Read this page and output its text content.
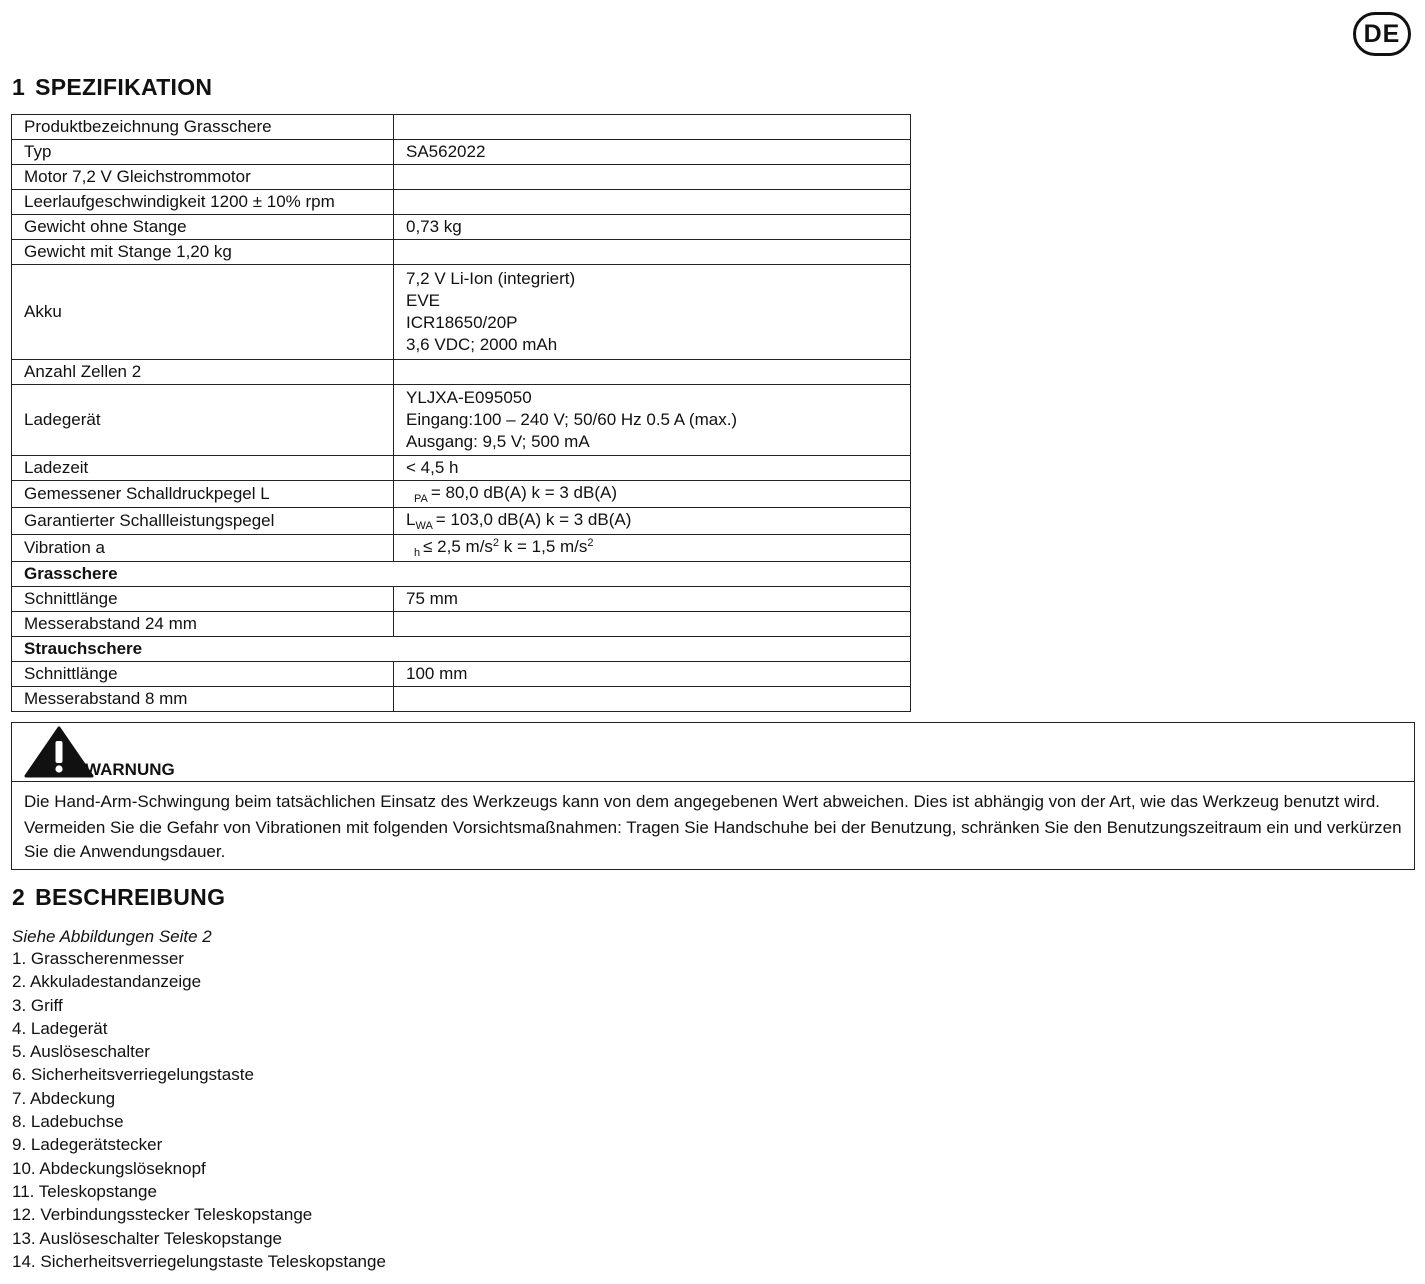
DE
1 SPEZIFIKATION
Produktbezeichnung Grasschere	
Typ	SA562022
Motor 7,2 V Gleichstrommotor	
Leerlaufgeschwindigkeit 1200 ± 10% rpm	
Gewicht ohne Stange	0,73 kg
Gewicht mit Stange 1,20 kg	
Akku	7,2 V Li-Ion (integriert)
EVE
ICR18650/20P
3,6 VDC; 2000 mAh

Anzahl Zellen 2	
Ladegerät	YLJXA-E095050
Eingang:100 – 240 V; 50/60 Hz 0.5 A (max.)
Ausgang: 9,5 V; 500 mA

Ladezeit	< 4,5 h
Gemessener Schalldruckpegel L	$_{PA}$ = 80,0 dB(A) k = 3 dB(A)
Garantierter Schallleistungspegel	$L_{WA} = 103,0$ dB(A) k = 3 dB(A)
Vibration a	$_h$ ≤ 2,5 $m/s^2$ k = 1,5 $m/s^2$
Grasschere	
Schnittlänge	75 mm
Messerabstand 24 mm	
Strauchschere	
Schnittlänge	100 mm
Messerabstand 8 mm	
WARNUNG

Die Hand-Arm-Schwingung beim tatsächlichen Einsatz des Werkzeugs kann von dem angegebenen Wert abweichen. Dies ist abhängig von der Art, wie das Werkzeug benutzt wird.

Vermeiden Sie die Gefahr von Vibrationen mit folgenden Vorsichtsmaßnahmen: Tragen Sie Handschuhe bei der Benutzung, schränken Sie den Benutzungszeitraum ein und verkürzen Sie die Anwendungsdauer.

2 BESCHREIBUNG
Siehe Abbildungen Seite 2
1. Grasscherenmesser
2. Akkuladestandanzeige
3. Griff
4. Ladegerät
5. Auslöseschalter
6. Sicherheitsverriegelungstaste
7. Abdeckung
8. Ladebuchse
9. Ladegerätstecker
10. Abdeckungslöseknopf
11. Teleskopstange
12. Verbindungsstecker Teleskopstange
13. Auslöseschalter Teleskopstange
14. Sicherheitsverriegelungstaste Teleskopstange
